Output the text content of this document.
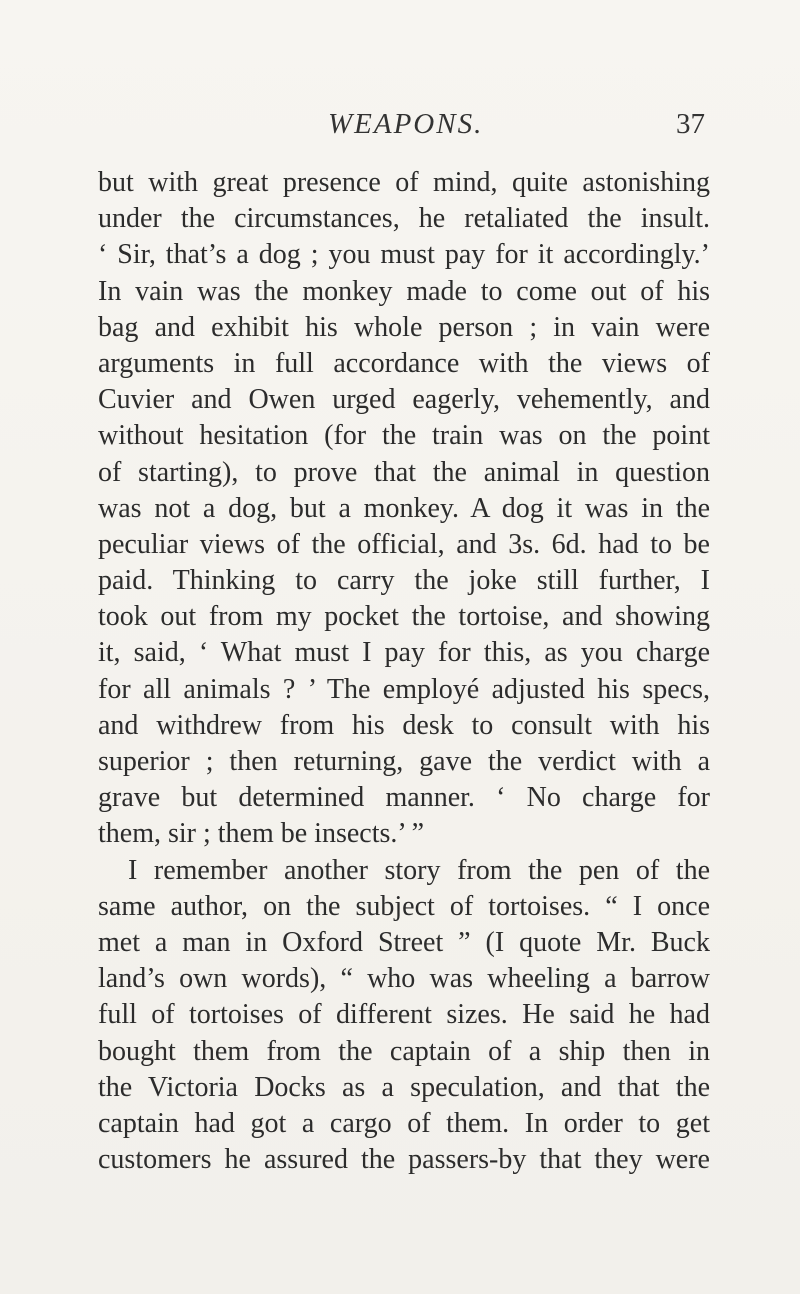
WEAPONS.	37
but with great presence of mind, quite astonishing
under the circumstances, he retaliated the insult.
‘ Sir, that’s a dog ; you must pay for it accordingly.’
In vain was the monkey made to come out of his
bag and exhibit his whole person ; in vain were
arguments in full accordance with the views of
Cuvier and Owen urged eagerly, vehemently, and
without hesitation (for the train was on the point
of starting), to prove that the animal in question
was not a dog, but a monkey. A dog it was in the
peculiar views of the official, and 3s. 6d. had to be
paid. Thinking to carry the joke still further, I
took out from my pocket the tortoise, and showing
it, said, ‘ What must I pay for this, as you charge
for all animals ? ’ The employé adjusted his specs,
and withdrew from his desk to consult with his
superior ; then returning, gave the verdict with a
grave but determined manner. ‘ No charge for
them, sir ; them be insects.’ ”
I remember another story from the pen of the
same author, on the subject of tortoises. “ I once
met a man in Oxford Street ” (I quote Mr. Buck
land’s own words), “ who was wheeling a barrow
full of tortoises of different sizes. He said he had
bought them from the captain of a ship then in
the Victoria Docks as a speculation, and that the
captain had got a cargo of them. In order to get
customers he assured the passers-by that they were
